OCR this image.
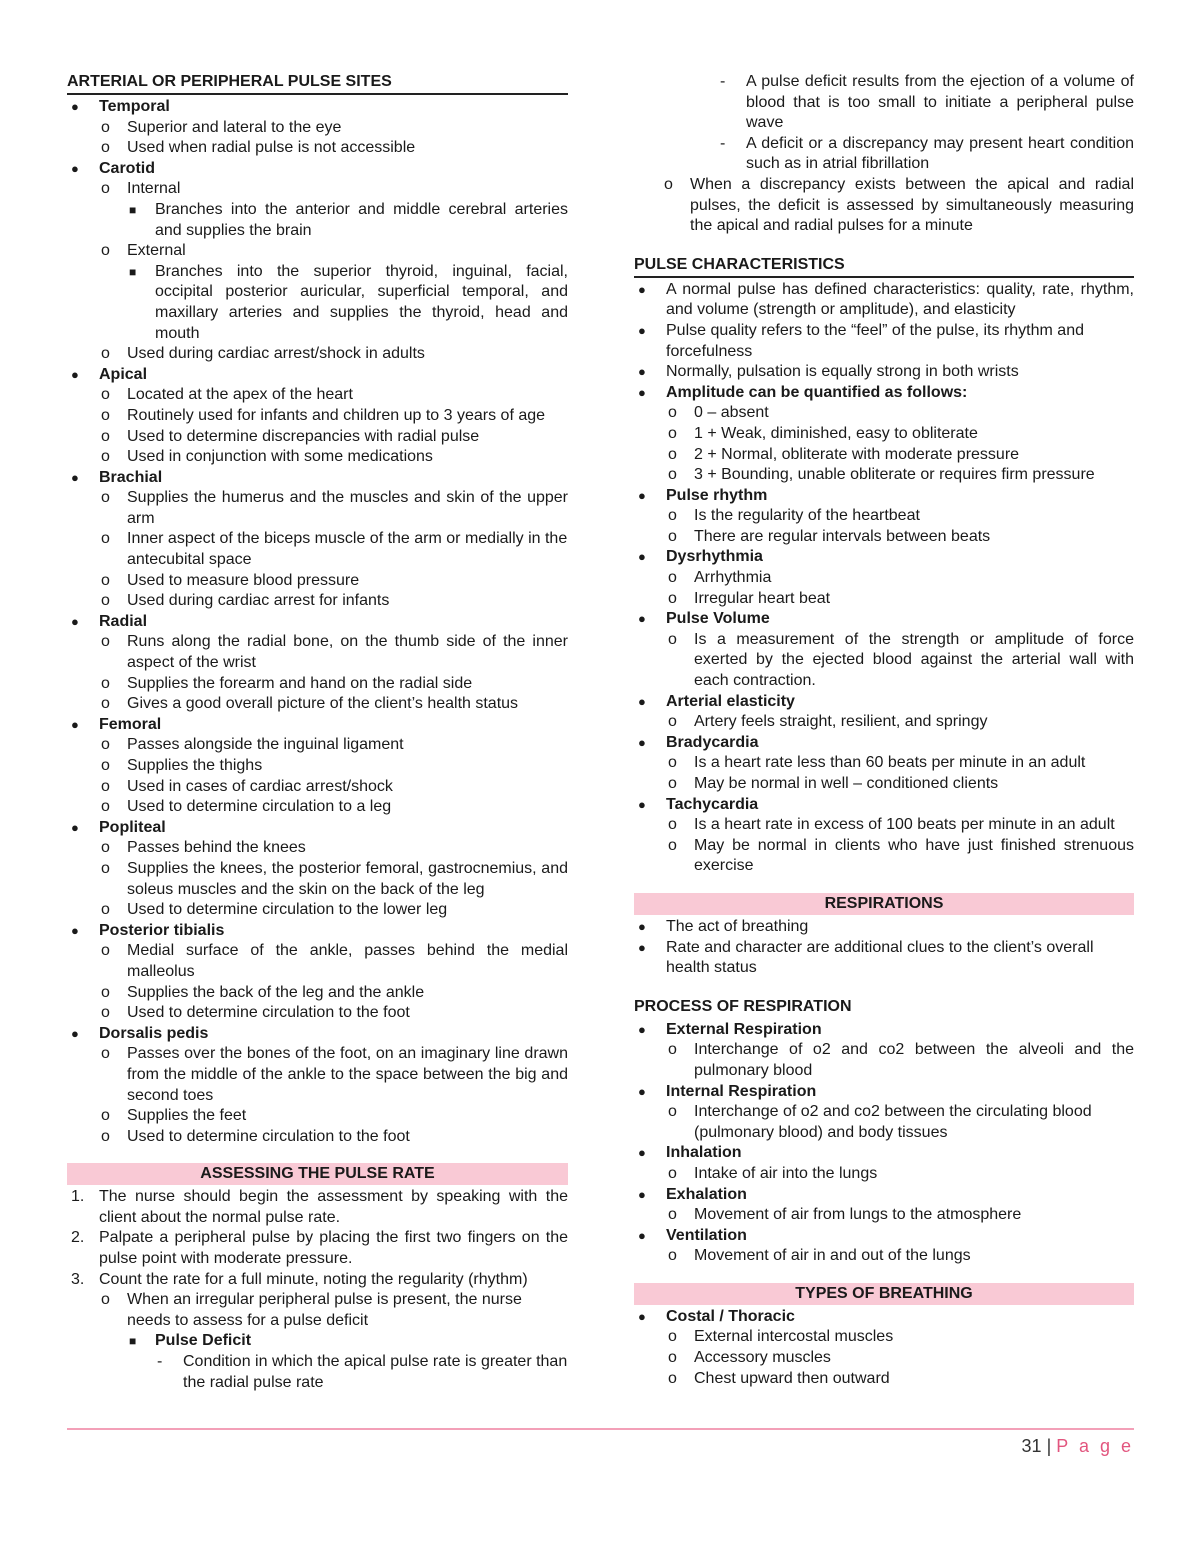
ARTERIAL OR PERIPHERAL PULSE SITES
● Temporal
o Superior and lateral to the eye
o Used when radial pulse is not accessible
● Carotid
o Internal
■ Branches into the anterior and middle cerebral arteries and supplies the brain
o External
■ Branches into the superior thyroid, inguinal, facial, occipital posterior auricular, superficial temporal, and maxillary arteries and supplies the thyroid, head and mouth
o Used during cardiac arrest/shock in adults
● Apical
o Located at the apex of the heart
o Routinely used for infants and children up to 3 years of age
o Used to determine discrepancies with radial pulse
o Used in conjunction with some medications
● Brachial
o Supplies the humerus and the muscles and skin of the upper arm
o Inner aspect of the biceps muscle of the arm or medially in the antecubital space
o Used to measure blood pressure
o Used during cardiac arrest for infants
● Radial
o Runs along the radial bone, on the thumb side of the inner aspect of the wrist
o Supplies the forearm and hand on the radial side
o Gives a good overall picture of the client’s health status
● Femoral
o Passes alongside the inguinal ligament
o Supplies the thighs
o Used in cases of cardiac arrest/shock
o Used to determine circulation to a leg
● Popliteal
o Passes behind the knees
o Supplies the knees, the posterior femoral, gastrocnemius, and soleus muscles and the skin on the back of the leg
o Used to determine circulation to the lower leg
● Posterior tibialis
o Medial surface of the ankle, passes behind the medial malleolus
o Supplies the back of the leg and the ankle
o Used to determine circulation to the foot
● Dorsalis pedis
o Passes over the bones of the foot, on an imaginary line drawn from the middle of the ankle to the space between the big and second toes
o Supplies the feet
o Used to determine circulation to the foot
ASSESSING THE PULSE RATE
1. The nurse should begin the assessment by speaking with the client about the normal pulse rate.
2. Palpate a peripheral pulse by placing the first two fingers on the pulse point with moderate pressure.
3. Count the rate for a full minute, noting the regularity (rhythm)
o When an irregular peripheral pulse is present, the nurse needs to assess for a pulse deficit
■ Pulse Deficit
- Condition in which the apical pulse rate is greater than the radial pulse rate
- A pulse deficit results from the ejection of a volume of blood that is too small to initiate a peripheral pulse wave
- A deficit or a discrepancy may present heart condition such as in atrial fibrillation
o When a discrepancy exists between the apical and radial pulses, the deficit is assessed by simultaneously measuring the apical and radial pulses for a minute
PULSE CHARACTERISTICS
● A normal pulse has defined characteristics: quality, rate, rhythm, and volume (strength or amplitude), and elasticity
● Pulse quality refers to the “feel” of the pulse, its rhythm and forcefulness
● Normally, pulsation is equally strong in both wrists
● Amplitude can be quantified as follows:
o 0 – absent
o 1 + Weak, diminished, easy to obliterate
o 2 + Normal, obliterate with moderate pressure
o 3 + Bounding, unable obliterate or requires firm pressure
● Pulse rhythm
o Is the regularity of the heartbeat
o There are regular intervals between beats
● Dysrhythmia
o Arrhythmia
o Irregular heart beat
● Pulse Volume
o Is a measurement of the strength or amplitude of force exerted by the ejected blood against the arterial wall with each contraction.
● Arterial elasticity
o Artery feels straight, resilient, and springy
● Bradycardia
o Is a heart rate less than 60 beats per minute in an adult
o May be normal in well – conditioned clients
● Tachycardia
o Is a heart rate in excess of 100 beats per minute in an adult
o May be normal in clients who have just finished strenuous exercise
RESPIRATIONS
● The act of breathing
● Rate and character are additional clues to the client’s overall health status
PROCESS OF RESPIRATION
● External Respiration
o Interchange of o2 and co2 between the alveoli and the pulmonary blood
● Internal Respiration
o Interchange of o2 and co2 between the circulating blood (pulmonary blood) and body tissues
● Inhalation
o Intake of air into the lungs
● Exhalation
o Movement of air from lungs to the atmosphere
● Ventilation
o Movement of air in and out of the lungs
TYPES OF BREATHING
● Costal / Thoracic
o External intercostal muscles
o Accessory muscles
o Chest upward then outward
31 | P a g e
